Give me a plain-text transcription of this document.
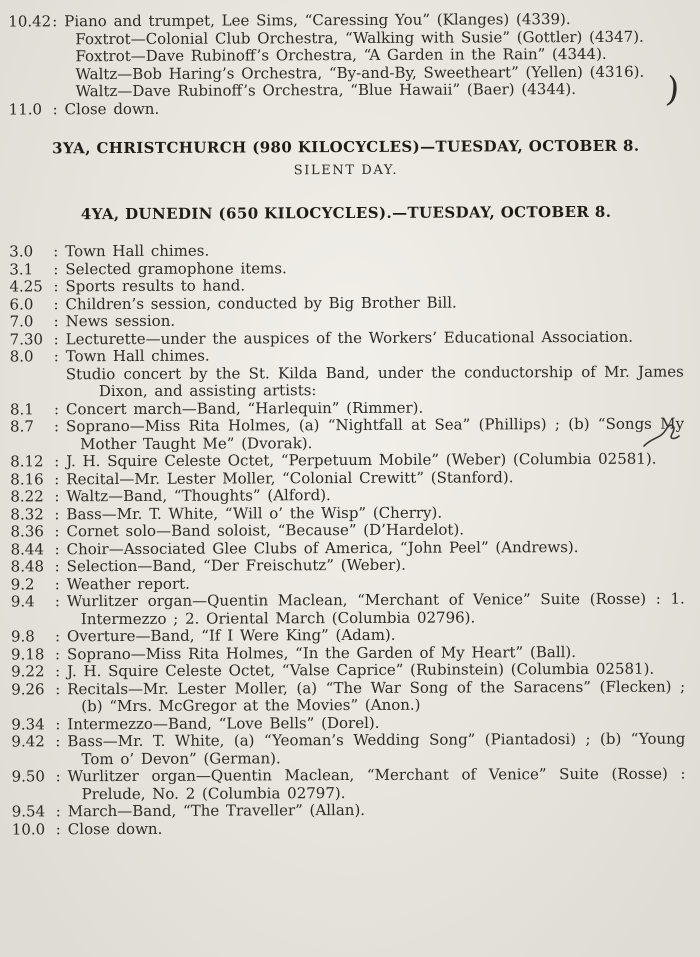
10.42 : Piano and trumpet, Lee Sims, “Caressing You” (Klanges) (4339).
Foxtrot—Colonial Club Orchestra, “Walking with Susie” (Gottler) (4347).
Foxtrot—Dave Rubinoff’s Orchestra, “A Garden in the Rain” (4344).
Waltz—Bob Haring’s Orchestra, “By-and-By, Sweetheart” (Yellen) (4316).
Waltz—Dave Rubinoff’s Orchestra, “Blue Hawaii” (Baer) (4344).
11.0 : Close down.
3YA, CHRISTCHURCH (980 KILOCYCLES)—TUESDAY, OCTOBER 8.
SILENT DAY.
4YA, DUNEDIN (650 KILOCYCLES).—TUESDAY, OCTOBER 8.
3.0	: Town Hall chimes.
3.1	: Selected gramophone items.
4.25 : Sports results to hand.
6.0	: Children’s session, conducted by Big Brother Bill.
7.0	: News session.
7.30 : Lecturette—under the auspices of the Workers’ Educational Association.
8.0	: Town Hall chimes.
Studio concert by the St. Kilda Band, under the conductorship of Mr. James Dixon, and assisting artists:
8.1	: Concert march—Band, “Harlequin” (Rimmer).
8.7	: Soprano—Miss Rita Holmes, (a) “Nightfall at Sea” (Phillips) ; (b) “Songs My Mother Taught Me” (Dvorak).
8.12 : J. H. Squire Celeste Octet, “Perpetuum Mobile” (Weber) (Columbia 02581).
8.16 : Recital—Mr. Lester Moller, “Colonial Crewitt” (Stanford).
8.22 : Waltz—Band, “Thoughts” (Alford).
8.32 : Bass—Mr. T. White, “Will o’ the Wisp” (Cherry).
8.36 : Cornet solo—Band soloist, “Because” (D’Hardelot).
8.44 : Choir—Associated Glee Clubs of America, “John Peel” (Andrews).
8.48 : Selection—Band, “Der Freischutz” (Weber).
9.2	: Weather report.
9.4	: Wurlitzer organ—Quentin Maclean, “Merchant of Venice” Suite (Rosse) : 1. Intermezzo ; 2. Oriental March (Columbia 02796).
9.8	: Overture—Band, “If I Were King” (Adam).
9.18 : Soprano—Miss Rita Holmes, “In the Garden of My Heart” (Ball).
9.22 : J. H. Squire Celeste Octet, “Valse Caprice” (Rubinstein) (Columbia 02581).
9.26 : Recitals—Mr. Lester Moller, (a) “The War Song of the Saracens” (Flecken) ; (b) “Mrs. McGregor at the Movies” (Anon.)
9.34 : Intermezzo—Band, “Love Bells” (Dorel).
9.42 : Bass—Mr. T. White, (a) “Yeoman’s Wedding Song” (Piantadosi) ; (b) “Young Tom o’ Devon” (German).
9.50 : Wurlitzer organ—Quentin Maclean, “Merchant of Venice” Suite (Rosse) : Prelude, No. 2 (Columbia 02797).
9.54 : March—Band, “The Traveller” (Allan).
10.0 : Close down.
)
